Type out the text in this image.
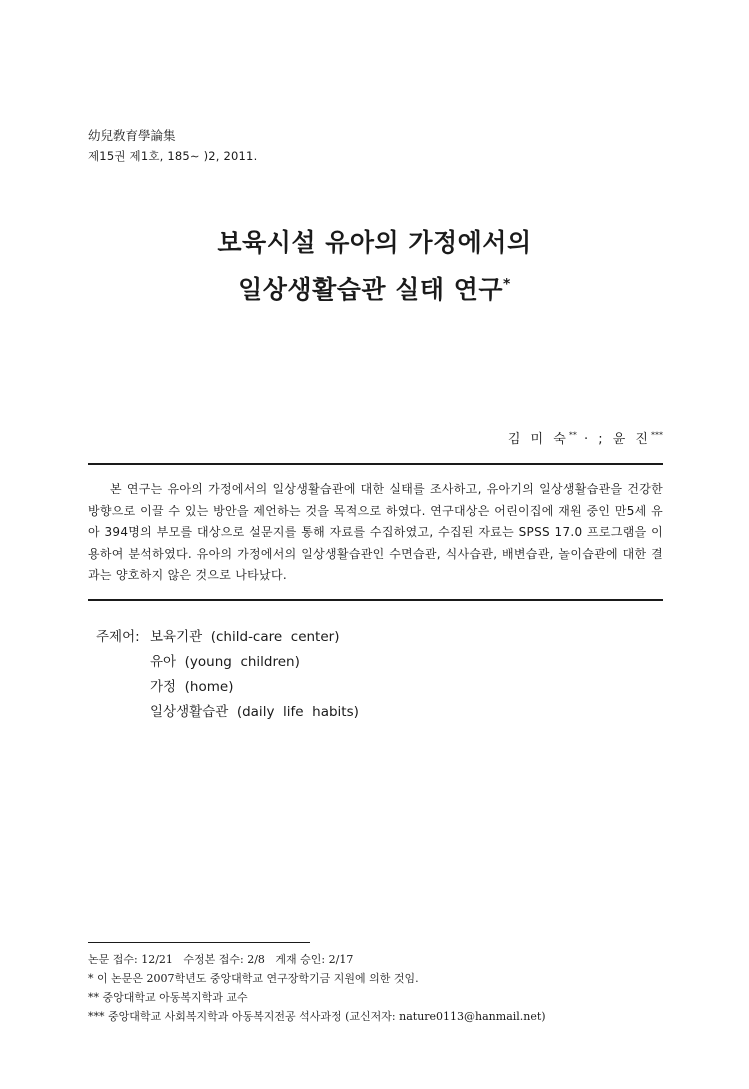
幼兒敎育學論集
제15권 제1호, 185∼ )2, 2011.
보육시설 유아의 가정에서의
일상생활습관 실태 연구*
김 미 숙** · ; 윤 진***

본 연구는 유아의 가정에서의 일상생활습관에 대한 실태를 조사하고, 유아기의 일상생활습관을 건강한 방향으로 이끌 수 있는 방안을 제언하는 것을 목적으로 하였다. 연구대상은 어린이집에 재원 중인 만5세 유아 394명의 부모를 대상으로 설문지를 통해 자료를 수집하였고, 수집된 자료는 SPSS 17.0 프로그램을 이용하여 분석하였다. 유아의 가정에서의 일상생활습관인 수면습관, 식사습관, 배변습관, 놀이습관에 대한 결과는 양호하지 않은 것으로 나타났다.

주제어: 보육기관  (child-care  center)
유아  (young  children)
가정  (home)
일상생활습관  (daily  life  habits)
논문 접수: 12/21   수정본 접수: 2/8   게재 승인: 2/17
* 이 논문은 2007학년도 중앙대학교 연구장학기금 지원에 의한 것임.
** 중앙대학교 아동복지학과 교수
*** 중앙대학교 사회복지학과 아동복지전공 석사과정 (교신저자: nature0113@hanmail.net)
